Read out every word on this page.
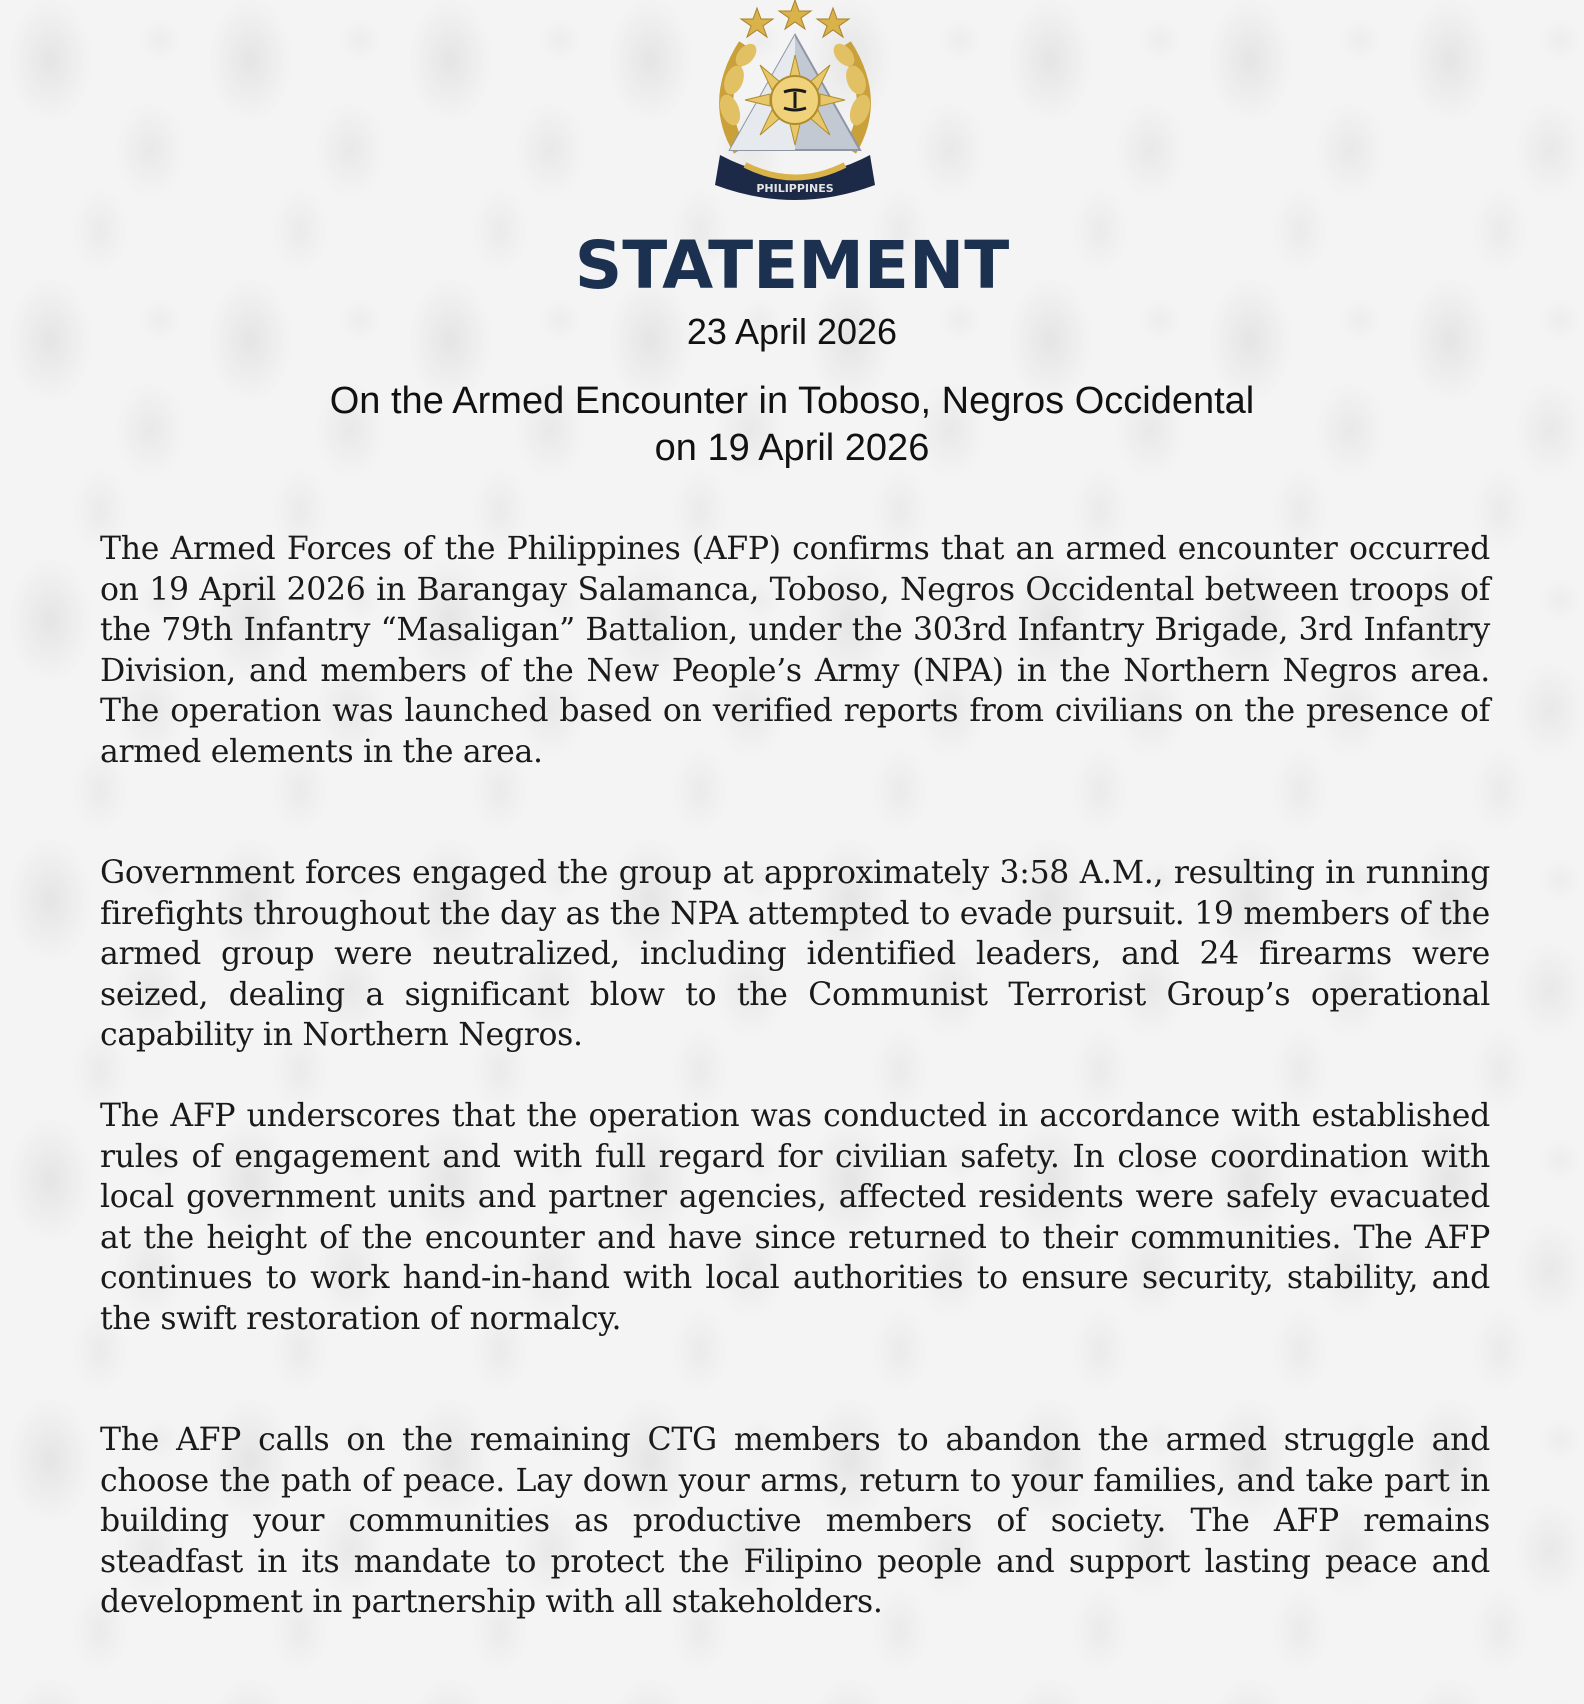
PHILIPPINES
STATEMENT
23 April 2026
On the Armed Encounter in Toboso, Negros Occidental
on 19 April 2026

The Armed Forces of the Philippines (AFP) confirms that an armed encounter occurred on 19 April 2026 in Barangay Salamanca, Toboso, Negros Occidental between troops of the 79th Infantry “Masaligan” Battalion, under the 303rd Infantry Brigade, 3rd Infantry Division, and members of the New People’s Army (NPA) in the Northern Negros area. The operation was launched based on verified reports from civilians on the presence of armed elements in the area.

Government forces engaged the group at approximately 3:58 A.M., resulting in running firefights throughout the day as the NPA attempted to evade pursuit. 19 members of the armed group were neutralized, including identified leaders, and 24 firearms were seized, dealing a significant blow to the Communist Terrorist Group’s operational capability in Northern Negros.

The AFP underscores that the operation was conducted in accordance with established rules of engagement and with full regard for civilian safety. In close coordination with local government units and partner agencies, affected residents were safely evacuated at the height of the encounter and have since returned to their communities. The AFP continues to work hand-in-hand with local authorities to ensure security, stability, and the swift restoration of normalcy.

The AFP calls on the remaining CTG members to abandon the armed struggle and choose the path of peace. Lay down your arms, return to your families, and take part in building your communities as productive members of society. The AFP remains steadfast in its mandate to protect the Filipino people and support lasting peace and development in partnership with all stakeholders.
